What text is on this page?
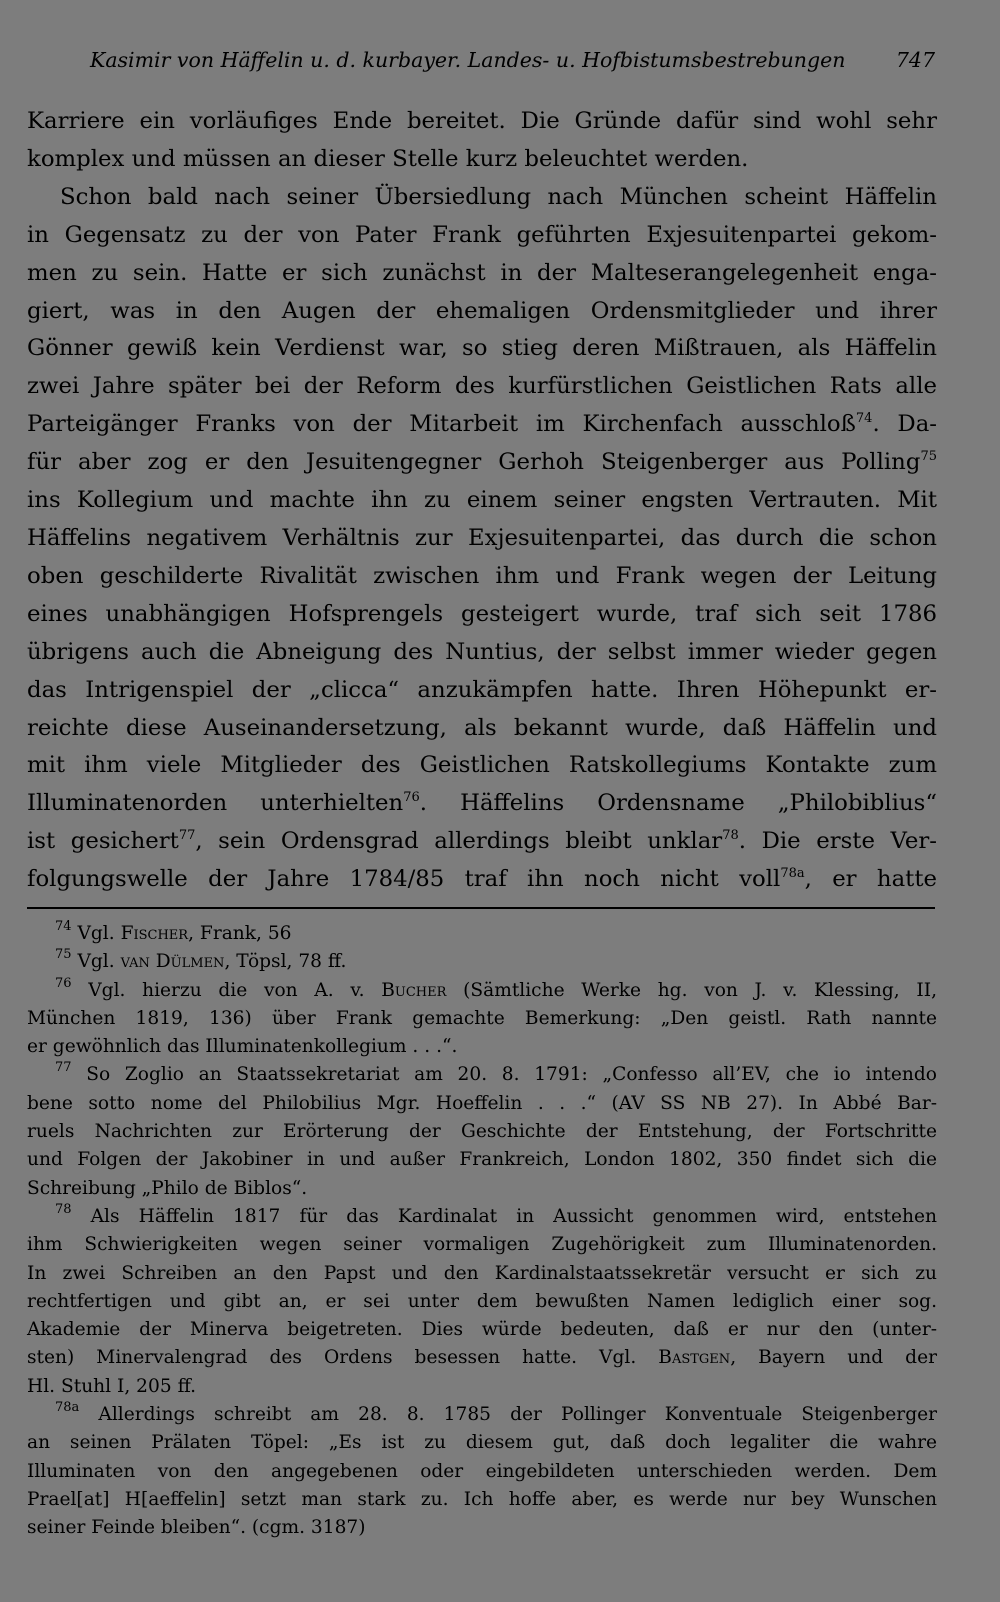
Kasimir von Häffelin u. d. kurbayer. Landes- u. Hofbistumsbestrebungen 747
Karriere ein vorläufiges Ende bereitet. Die Gründe dafür sind wohl sehr
komplex und müssen an dieser Stelle kurz beleuchtet werden.
Schon bald nach seiner Übersiedlung nach München scheint Häffelin
in Gegensatz zu der von Pater Frank geführten Exjesuitenpartei gekom-
men zu sein. Hatte er sich zunächst in der Malteserangelegenheit enga-
giert, was in den Augen der ehemaligen Ordensmitglieder und ihrer
Gönner gewiß kein Verdienst war, so stieg deren Mißtrauen, als Häffelin
zwei Jahre später bei der Reform des kurfürstlichen Geistlichen Rats alle
Parteigänger Franks von der Mitarbeit im Kirchenfach ausschloß$^{74}$. Da-
für aber zog er den Jesuitengegner Gerhoh Steigenberger aus Polling$^{75}$
ins Kollegium und machte ihn zu einem seiner engsten Vertrauten. Mit
Häffelins negativem Verhältnis zur Exjesuitenpartei, das durch die schon
oben geschilderte Rivalität zwischen ihm und Frank wegen der Leitung
eines unabhängigen Hofsprengels gesteigert wurde, traf sich seit 1786
übrigens auch die Abneigung des Nuntius, der selbst immer wieder gegen
das Intrigenspiel der „clicca“ anzukämpfen hatte. Ihren Höhepunkt er-
reichte diese Auseinandersetzung, als bekannt wurde, daß Häffelin und
mit ihm viele Mitglieder des Geistlichen Ratskollegiums Kontakte zum
Illuminatenorden unterhielten$^{76}$. Häffelins Ordensname „Philobiblius“
ist gesichert$^{77}$, sein Ordensgrad allerdings bleibt unklar$^{78}$. Die erste Ver-
folgungswelle der Jahre 1784/85 traf ihn noch nicht voll$^{78a}$, er hatte
$^{74}$ Vgl. Fischer, Frank, 56
$^{75}$ Vgl. van Dülmen, Töpsl, 78 ff.
$^{76}$ Vgl. hierzu die von A. v. Bucher (Sämtliche Werke hg. von J. v. Klessing, II,
München 1819, 136) über Frank gemachte Bemerkung: „Den geistl. Rath nannte
er gewöhnlich das Illuminatenkollegium . . .“.
$^{77}$ So Zoglio an Staatssekretariat am 20. 8. 1791: „Confesso all’EV, che io intendo
bene sotto nome del Philobilius Mgr. Hoeffelin . . .“ (AV SS NB 27). In Abbé Bar-
ruels Nachrichten zur Erörterung der Geschichte der Entstehung, der Fortschritte
und Folgen der Jakobiner in und außer Frankreich, London 1802, 350 findet sich die
Schreibung „Philo de Biblos“.
$^{78}$ Als Häffelin 1817 für das Kardinalat in Aussicht genommen wird, entstehen
ihm Schwierigkeiten wegen seiner vormaligen Zugehörigkeit zum Illuminatenorden.
In zwei Schreiben an den Papst und den Kardinalstaatssekretär versucht er sich zu
rechtfertigen und gibt an, er sei unter dem bewußten Namen lediglich einer sog.
Akademie der Minerva beigetreten. Dies würde bedeuten, daß er nur den (unter-
sten) Minervalengrad des Ordens besessen hatte. Vgl. Bastgen, Bayern und der
Hl. Stuhl I, 205 ff.
$^{78a}$ Allerdings schreibt am 28. 8. 1785 der Pollinger Konventuale Steigenberger
an seinen Prälaten Töpel: „Es ist zu diesem gut, daß doch legaliter die wahre
Illuminaten von den angegebenen oder eingebildeten unterschieden werden. Dem
Prael[at] H[aeffelin] setzt man stark zu. Ich hoffe aber, es werde nur bey Wunschen
seiner Feinde bleiben“. (cgm. 3187)
